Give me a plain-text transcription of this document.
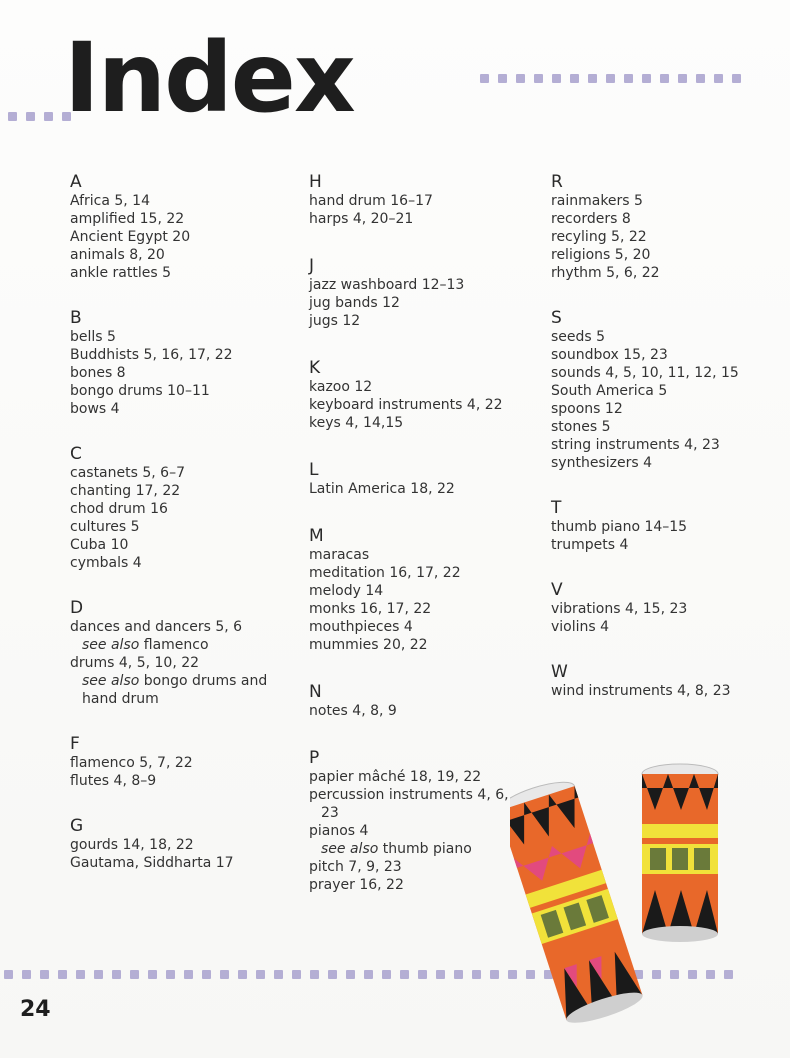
Index
A
Africa 5, 14
amplified 15, 22
Ancient Egypt 20
animals 8, 20
ankle rattles 5
B
bells 5
Buddhists 5, 16, 17, 22
bones 8
bongo drums 10–11
bows 4
C
castanets 5, 6–7
chanting 17, 22
chod drum 16
cultures 5
Cuba 10
cymbals 4
D
dances and dancers 5, 6
see also flamenco
drums 4, 5, 10, 22
see also bongo drums and
hand drum
F
flamenco 5, 7, 22
flutes 4, 8–9
G
gourds 14, 18, 22
Gautama, Siddharta 17
H
hand drum 16–17
harps 4, 20–21
J
jazz washboard 12–13
jug bands 12
jugs 12
K
kazoo 12
keyboard instruments 4, 22
keys 4, 14,15
L
Latin America 18, 22
M
maracas
meditation 16, 17, 22
melody 14
monks 16, 17, 22
mouthpieces 4
mummies 20, 22
N
notes 4, 8, 9
P
papier mâché 18, 19, 22
percussion instruments 4, 6,
23
pianos 4
see also thumb piano
pitch 7, 9, 23
prayer 16, 22
R
rainmakers 5
recorders 8
recyling 5, 22
religions 5, 20
rhythm 5, 6, 22
S
seeds 5
soundbox 15, 23
sounds 4, 5, 10, 11, 12, 15
South America 5
spoons 12
stones 5
string instruments 4, 23
synthesizers 4
T
thumb piano 14–15
trumpets 4
V
vibrations 4, 15, 23
violins 4
W
wind instruments 4, 8, 23
24
